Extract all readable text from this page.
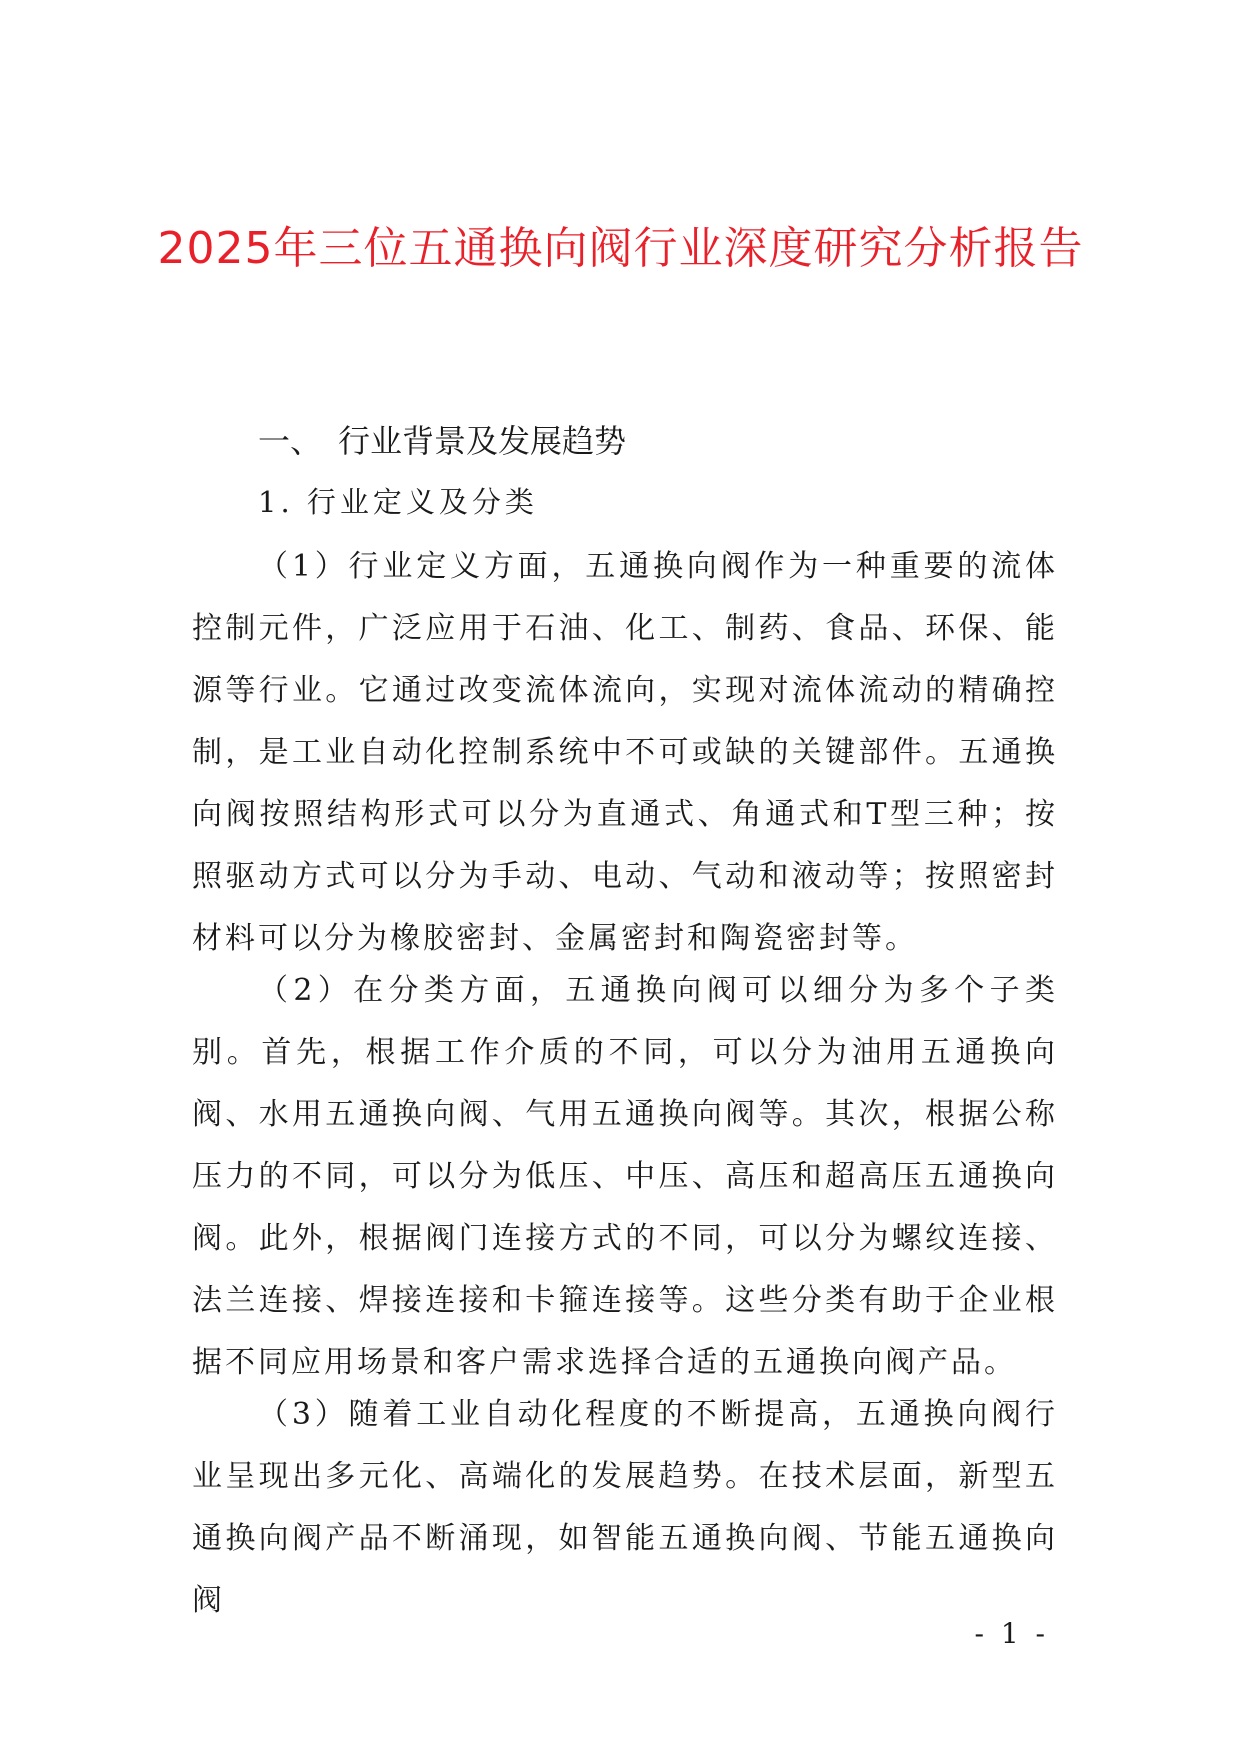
2025年三位五通换向阀行业深度研究分析报告
一、 行业背景及发展趋势
1. 行业定义及分类

（1）行业定义方面，五通换向阀作为一种重要的流体控制元件，广泛应用于石油、化工、制药、食品、环保、能源等行业。它通过改变流体流向，实现对流体流动的精确控制，是工业自动化控制系统中不可或缺的关键部件。五通换向阀按照结构形式可以分为直通式、角通式和T型三种；按照驱动方式可以分为手动、电动、气动和液动等；按照密封材料可以分为橡胶密封、金属密封和陶瓷密封等。

（2）在分类方面，五通换向阀可以细分为多个子类别。首先，根据工作介质的不同，可以分为油用五通换向阀、水用五通换向阀、气用五通换向阀等。其次，根据公称压力的不同，可以分为低压、中压、高压和超高压五通换向阀。此外，根据阀门连接方式的不同，可以分为螺纹连接、法兰连接、焊接连接和卡箍连接等。这些分类有助于企业根据不同应用场景和客户需求选择合适的五通换向阀产品。

（3）随着工业自动化程度的不断提高，五通换向阀行业呈现出多元化、高端化的发展趋势。在技术层面，新型五通换向阀产品不断涌现，如智能五通换向阀、节能五通换向阀

- 1 -
